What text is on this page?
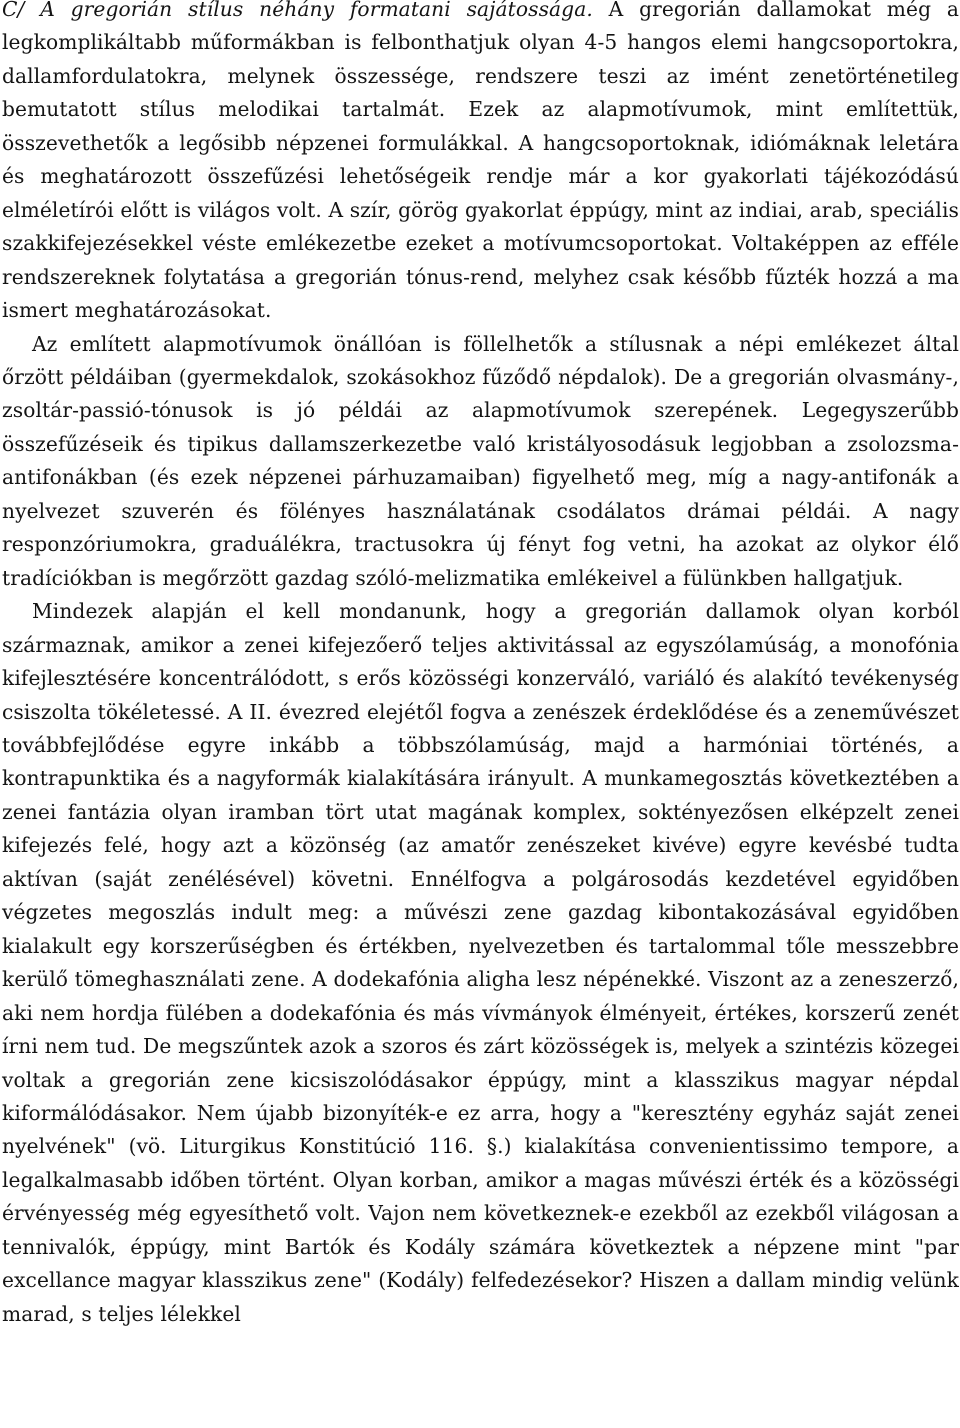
C/ A gregorián stílus néhány formatani sajátossága. A gregorián dallamokat még a legkomplikáltabb műformákban is felbonthatjuk olyan 4-5 hangos elemi hangcsoportokra, dallamfordulatokra, melynek összessége, rendszere teszi az imént zenetörténetileg bemutatott stílus melodikai tartalmát. Ezek az alapmotívumok, mint említettük, összevethetők a legősibb népzenei formulákkal. A hangcsoportoknak, idiómáknak leletára és meghatározott összefűzési lehetőségeik rendje már a kor gyakorlati tájékozódású elméletírói előtt is világos volt. A szír, görög gyakorlat éppúgy, mint az indiai, arab, speciális szakkifejezésekkel véste emlékezetbe ezeket a motívumcsoportokat. Voltaképpen az efféle rendszereknek folytatása a gregorián tónus-rend, melyhez csak később fűzték hozzá a ma ismert meghatározásokat.

Az említett alapmotívumok önállóan is föllelhetők a stílusnak a népi emlékezet által őrzött példáiban (gyermekdalok, szokásokhoz fűződő népdalok). De a gregorián olvasmány-, zsoltár-passió-tónusok is jó példái az alapmotívumok szerepének. Legegyszerűbb összefűzéseik és tipikus dallamszerkezetbe való kristályosodásuk legjobban a zsolozsma-antifonákban (és ezek népzenei párhuzamaiban) figyelhető meg, míg a nagy-antifonák a nyelvezet szuverén és fölényes használatának csodálatos drámai példái. A nagy responzóriumokra, graduálékra, tractusokra új fényt fog vetni, ha azokat az olykor élő tradíciókban is megőrzött gazdag szóló-melizmatika emlékeivel a fülünkben hallgatjuk.

Mindezek alapján el kell mondanunk, hogy a gregorián dallamok olyan korból származnak, amikor a zenei kifejezőerő teljes aktivitással az egyszólamúság, a monofónia kifejlesztésére koncentrálódott, s erős közösségi konzerváló, variáló és alakító tevékenység csiszolta tökéletessé. A II. évezred elejétől fogva a zenészek érdeklődése és a zeneművészet továbbfejlődése egyre inkább a többszólamúság, majd a harmóniai történés, a kontrapunktika és a nagyformák kialakítására irányult. A munkamegosztás következtében a zenei fantázia olyan iramban tört utat magának komplex, soktényezősen elképzelt zenei kifejezés felé, hogy azt a közönség (az amatőr zenészeket kivéve) egyre kevésbé tudta aktívan (saját zenélésével) követni. Ennélfogva a polgárosodás kezdetével egyidőben végzetes megoszlás indult meg: a művészi zene gazdag kibontakozásával egyidőben kialakult egy korszerűségben és értékben, nyelvezetben és tartalommal tőle messzebbre kerülő tömeghasználati zene. A dodekafónia aligha lesz népénekké. Viszont az a zeneszerző, aki nem hordja fülében a dodekafónia és más vívmányok élményeit, értékes, korszerű zenét írni nem tud. De megszűntek azok a szoros és zárt közösségek is, melyek a szintézis közegei voltak a gregorián zene kicsiszolódásakor éppúgy, mint a klasszikus magyar népdal kiformálódásakor. Nem újabb bizonyíték-e ez arra, hogy a "keresztény egyház saját zenei nyelvének" (vö. Liturgikus Konstitúció 116. §.) kialakítása convenientissimo tempore, a legalkalmasabb időben történt. Olyan korban, amikor a magas művészi érték és a közösségi érvényesség még egyesíthető volt. Vajon nem következnek-e ezekből az ezekből világosan a tennivalók, éppúgy, mint Bartók és Kodály számára következtek a népzene mint "par excellance magyar klasszikus zene" (Kodály) felfedezésekor? Hiszen a dallam mindig velünk marad, s teljes lélekkel
